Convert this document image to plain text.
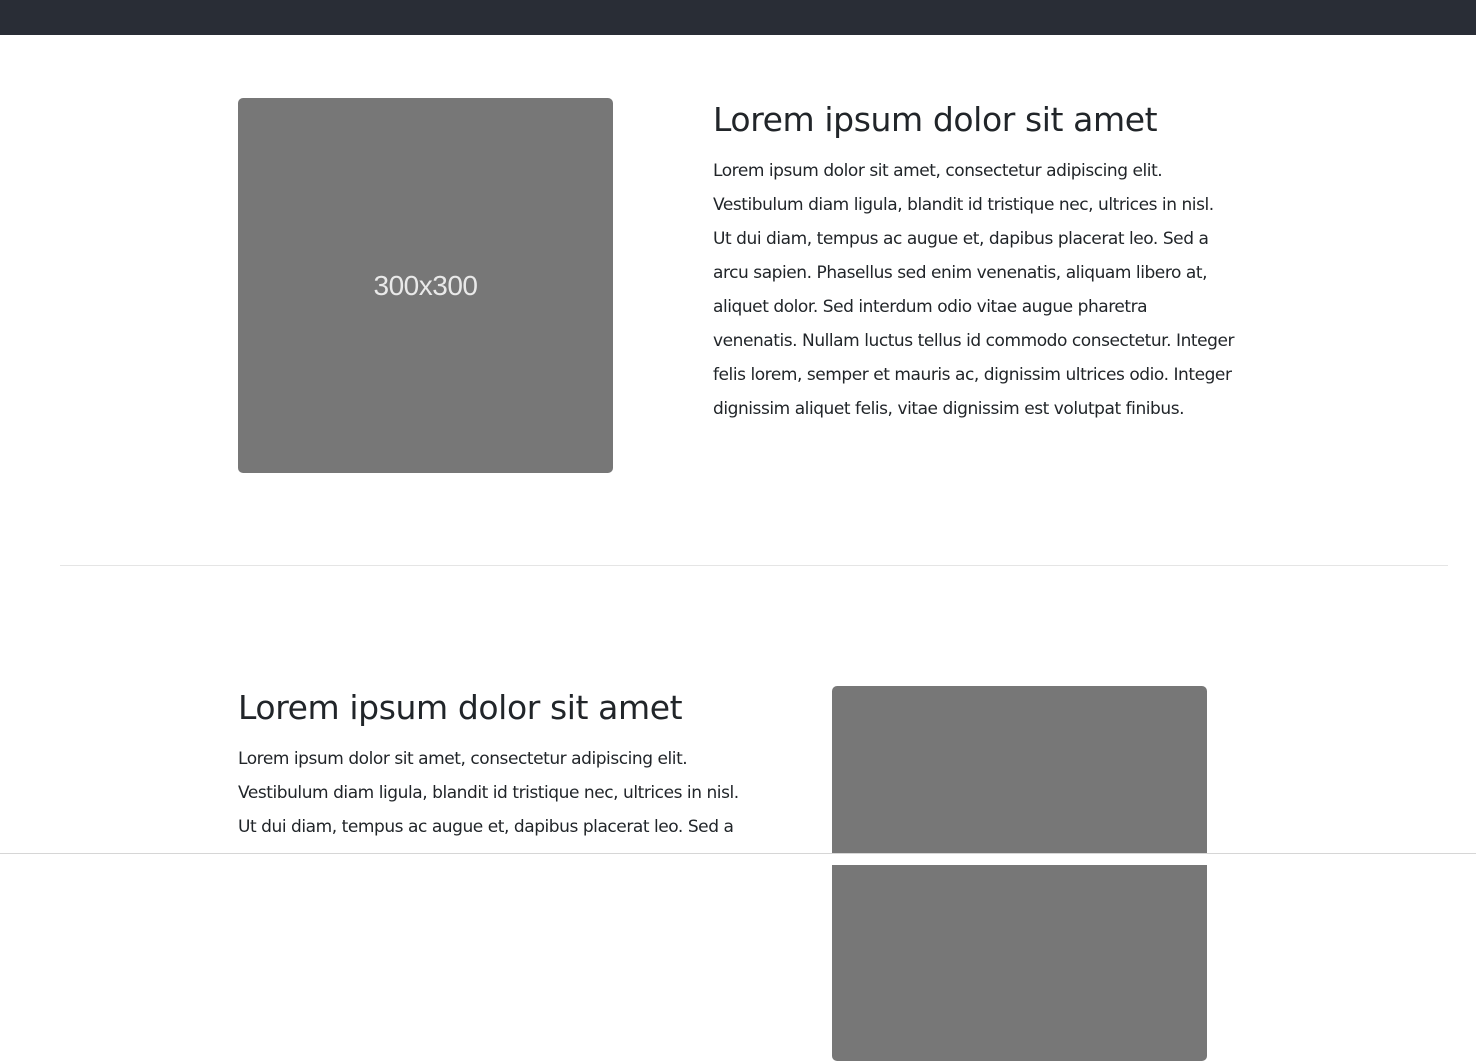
300x300
Lorem ipsum dolor sit amet

Lorem ipsum dolor sit amet, consectetur adipiscing elit.
Vestibulum diam ligula, blandit id tristique nec, ultrices in nisl.
Ut dui diam, tempus ac augue et, dapibus placerat leo. Sed a
arcu sapien. Phasellus sed enim venenatis, aliquam libero at,
aliquet dolor. Sed interdum odio vitae augue pharetra
venenatis. Nullam luctus tellus id commodo consectetur. Integer
felis lorem, semper et mauris ac, dignissim ultrices odio. Integer
dignissim aliquet felis, vitae dignissim est volutpat finibus.

Lorem ipsum dolor sit amet

Lorem ipsum dolor sit amet, consectetur adipiscing elit.
Vestibulum diam ligula, blandit id tristique nec, ultrices in nisl.
Ut dui diam, tempus ac augue et, dapibus placerat leo. Sed a
